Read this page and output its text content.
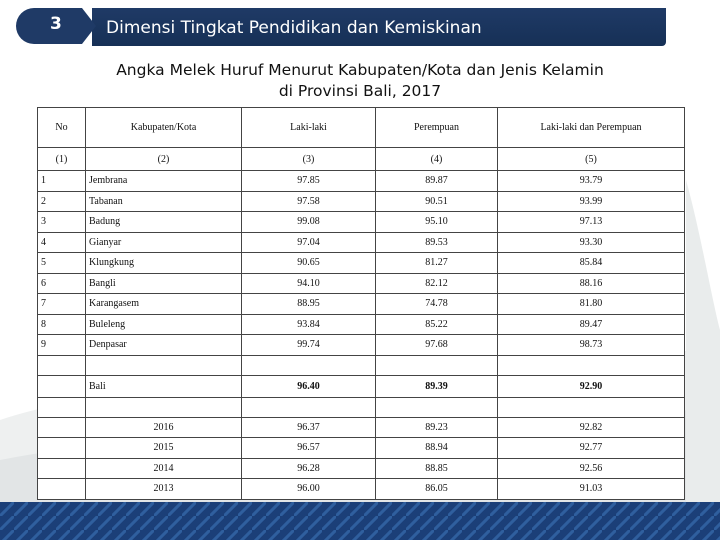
3	Dimensi Tingkat Pendidikan dan Kemiskinan
Angka Melek Huruf Menurut Kabupaten/Kota dan Jenis Kelamin
di Provinsi Bali, 2017
No	Kabupaten/Kota	Laki-laki	Perempuan	Laki-laki dan Perempuan
(1)	(2)	(3)	(4)	(5)
1	Jembrana	97.85	89.87	93.79
2	Tabanan	97.58	90.51	93.99
3	Badung	99.08	95.10	97.13
4	Gianyar	97.04	89.53	93.30
5	Klungkung	90.65	81.27	85.84
6	Bangli	94.10	82.12	88.16
7	Karangasem	88.95	74.78	81.80
8	Buleleng	93.84	85.22	89.47
9	Denpasar	99.74	97.68	98.73

	Bali	96.40	89.39	92.90

	2016	96.37	89.23	92.82
	2015	96.57	88.94	92.77
	2014	96.28	88.85	92.56
	2013	96.00	86.05	91.03
